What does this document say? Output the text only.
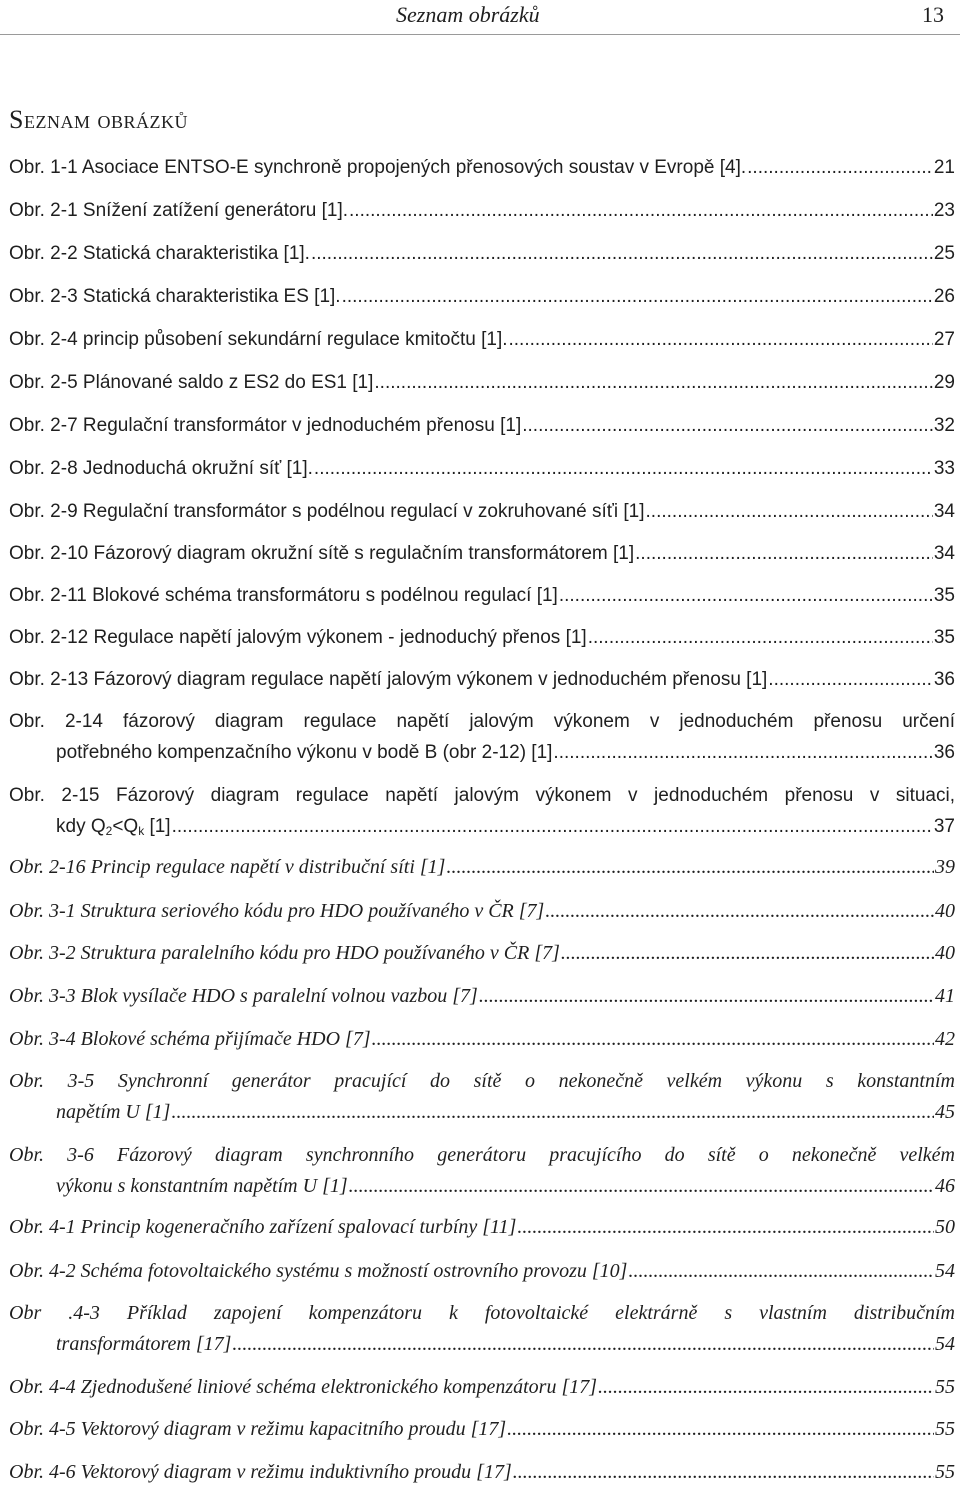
Seznam obrázků	13
Seznam obrázků
Obr. 1-1 Asociace ENTSO-E synchroně propojených přenosových soustav v Evropě [4]. .....	21
Obr. 2-1 Snížení zatížení generátoru [1]. .....	23
Obr. 2-2 Statická charakteristika [1]. .....	25
Obr. 2-3 Statická charakteristika ES [1]. .....	26
Obr. 2-4 princip působení sekundární regulace kmitočtu [1]. .....	27
Obr. 2-5 Plánované saldo z ES2 do ES1 [1] .....	29
Obr. 2-7 Regulační transformátor v jednoduchém přenosu [1] .....	32
Obr. 2-8 Jednoduchá okružní síť [1]. .....	33
Obr. 2-9 Regulační transformátor s podélnou regulací v zokruhované síťi [1] .....	34
Obr. 2-10 Fázorový diagram okružní sítě s regulačním transformátorem [1] .....	34
Obr. 2-11 Blokové schéma transformátoru s podélnou regulací [1] .....	35
Obr. 2-12 Regulace napětí jalovým výkonem - jednoduchý přenos [1] .....	35
Obr. 2-13 Fázorový diagram regulace napětí jalovým výkonem v jednoduchém přenosu [1] .....	36
Obr. 2-14 fázorový diagram regulace napětí jalovým výkonem v jednoduchém přenosu určení
potřebného kompenzačního výkonu v bodě B (obr 2-12) [1] .....	36
Obr. 2-15 Fázorový diagram regulace napětí jalovým výkonem v jednoduchém přenosu v situaci,
kdy $Q_2<Q_k$ [1] .....	37
Obr. 2-16 Princip regulace napětí v distribuční síti [1] .....	39
Obr. 3-1 Struktura seriového kódu pro HDO používaného v ČR [7] .....	40
Obr. 3-2 Struktura paralelního kódu pro HDO používaného v ČR [7] .....	40
Obr. 3-3 Blok vysílače HDO s paralelní volnou vazbou [7] .....	41
Obr. 3-4 Blokové schéma přijímače HDO [7] .....	42
Obr. 3-5 Synchronní generátor pracující do sítě o nekonečně velkém výkonu s konstantním
napětím U [1] .....	45
Obr. 3-6 Fázorový diagram synchronního generátoru pracujícího do sítě o nekonečně velkém
výkonu s konstantním napětím U [1] .....	46
Obr. 4-1 Princip kogeneračního zařízení spalovací turbíny [11] .....	50
Obr. 4-2 Schéma fotovoltaického systému s možností ostrovního provozu [10] .....	54
Obr .4-3 Příklad zapojení kompenzátoru k fotovoltaické elektrárně s vlastním distribučním
transformátorem [17] .....	54
Obr. 4-4 Zjednodušené liniové schéma elektronického kompenzátoru [17] .....	55
Obr. 4-5 Vektorový diagram v režimu kapacitního proudu [17] .....	55
Obr. 4-6 Vektorový diagram v režimu induktivního proudu [17] .....	55
